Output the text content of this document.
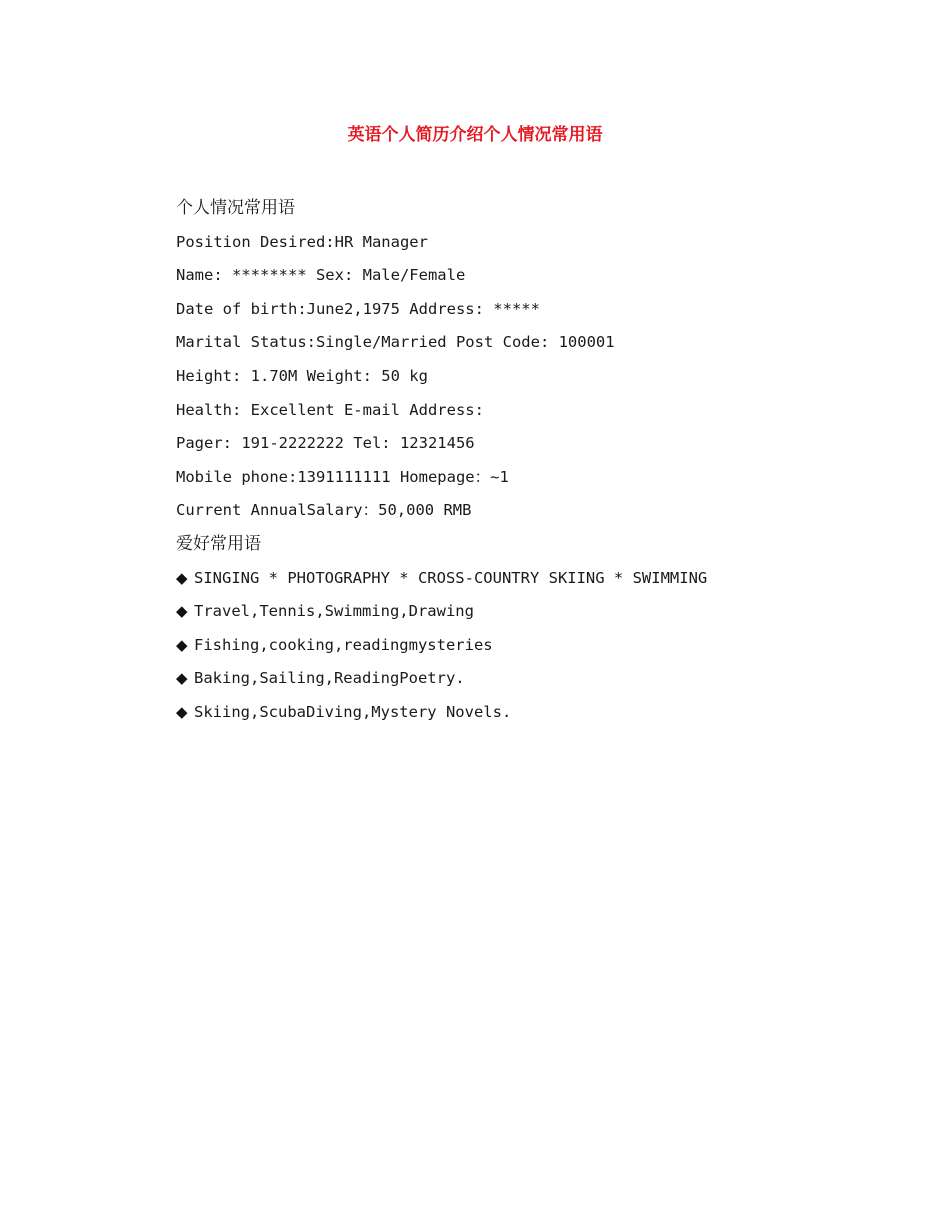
英语个人简历介绍个人情况常用语
个人情况常用语
Position Desired:HR Manager
Name: ******** Sex: Male/Female
Date of birth:June2,1975 Address: *****
Marital Status:Single/Married Post Code: 100001
Height: 1.70M Weight: 50 kg
Health: Excellent E-mail Address:
Pager: 191-2222222 Tel: 12321456
Mobile phone:1391111111 Homepage：~1
Current AnnualSalary：50,000 RMB
爱好常用语
◆ SINGING * PHOTOGRAPHY * CROSS-COUNTRY SKIING * SWIMMING
◆ Travel,Tennis,Swimming,Drawing
◆ Fishing,cooking,readingmysteries
◆ Baking,Sailing,ReadingPoetry.
◆ Skiing,ScubaDiving,Mystery Novels.
